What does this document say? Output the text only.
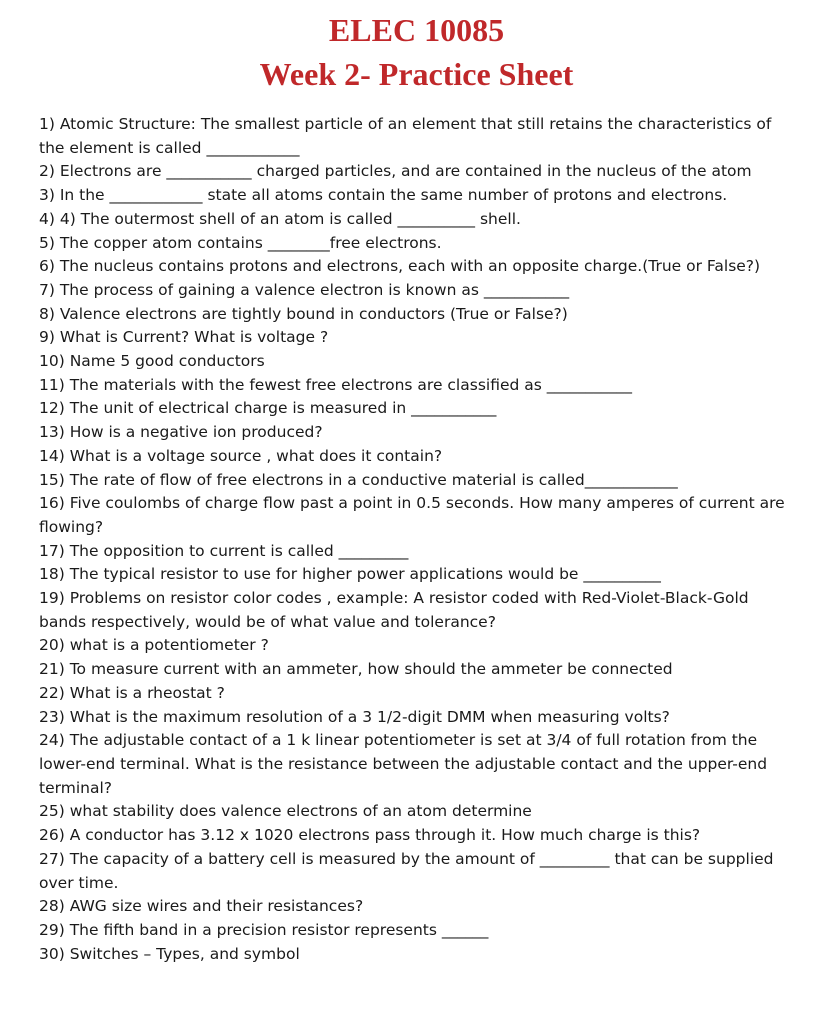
ELEC 10085
Week 2- Practice Sheet
1) Atomic Structure: The smallest particle of an element that still retains the characteristics of the element is called ____________
2) Electrons are ___________ charged particles, and are contained in the nucleus of the atom
3) In the ____________ state all atoms contain the same number of protons and electrons.
4) 4) The outermost shell of an atom is called __________ shell.
5) The copper atom contains ________free electrons.
6) The nucleus contains protons and electrons, each with an opposite charge.(True or False?)
7) The process of gaining a valence electron is known as ___________
8) Valence electrons are tightly bound in conductors (True or False?)
9) What is Current? What is voltage ?
10) Name 5 good conductors
11) The materials with the fewest free electrons are classified as ___________
12) The unit of electrical charge is measured in ___________
13) How is a negative ion produced?
14) What is a voltage source , what does it contain?
15) The rate of flow of free electrons in a conductive material is called____________
16) Five coulombs of charge flow past a point in 0.5 seconds. How many amperes of current are flowing?
17) The opposition to current is called _________
18) The typical resistor to use for higher power applications would be __________
19) Problems on resistor color codes , example: A resistor coded with Red-Violet-Black-Gold bands respectively, would be of what value and tolerance?
20) what is a potentiometer ?
21) To measure current with an ammeter, how should the ammeter be connected
22) What is a rheostat ?
23) What is the maximum resolution of a 3 1/2-digit DMM when measuring volts?
24) The adjustable contact of a 1 k linear potentiometer is set at 3/4 of full rotation from the lower-end terminal. What is the resistance between the adjustable contact and the upper-end terminal?
25) what stability does valence electrons of an atom determine
26) A conductor has 3.12 x 1020 electrons pass through it. How much charge is this?
27) The capacity of a battery cell is measured by the amount of _________ that can be supplied over time.
28) AWG size wires and their resistances?
29) The fifth band in a precision resistor represents ______
30) Switches – Types, and symbol
